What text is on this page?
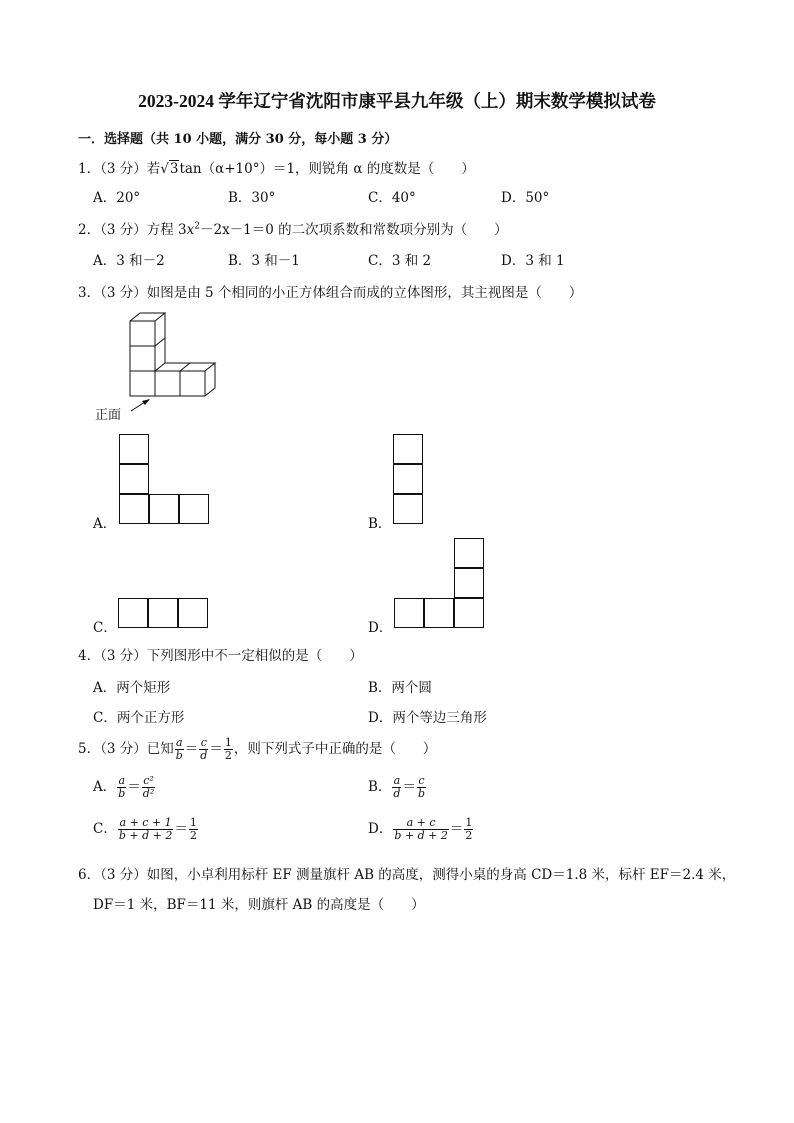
2023-2024 学年辽宁省沈阳市康平县九年级（上）期末数学模拟试卷
一．选择题（共 10 小题，满分 30 分，每小题 3 分）
1．（3 分）若√3tan（α+10°）＝1，则锐角 α 的度数是（　　）
A．20°	B．30°	C．40°	D．50°
2．（3 分）方程 $3x^2-2x-1=0$ 的二次项系数和常数项分别为（　　）
A．3 和－2	B．3 和－1	C．3 和 2	D．3 和 1
3．（3 分）如图是由 5 个相同的小正方体组合而成的立体图形，其主视图是（　　）
正面
A．	B．
C．	D．
4．（3 分）下列图形中不一定相似的是（　　）
A．两个矩形	B．两个圆
C．两个正方形	D．两个等边三角形
5．（3 分）已知 $\frac{a}{b} = \frac{c}{d} = \frac{1}{2}$ ，则下列式子中正确的是（　　）
A． $\frac{a}{b} = \frac{\text{c²}}{\text{d²}}$	B． $\frac{a}{d} = \frac{c}{b}$
C． $\frac{a + c + 1}{b + d + 2} = \frac{1}{2}$	D． $\frac{a + c}{b + d + 2} = \frac{1}{2}$
6．（3 分）如图，小卓利用标杆 EF 测量旗杆 AB 的高度，测得小桌的身高 CD＝1.8 米，标杆 EF＝2.4 米，
DF＝1 米，BF＝11 米，则旗杆 AB 的高度是（　　）
